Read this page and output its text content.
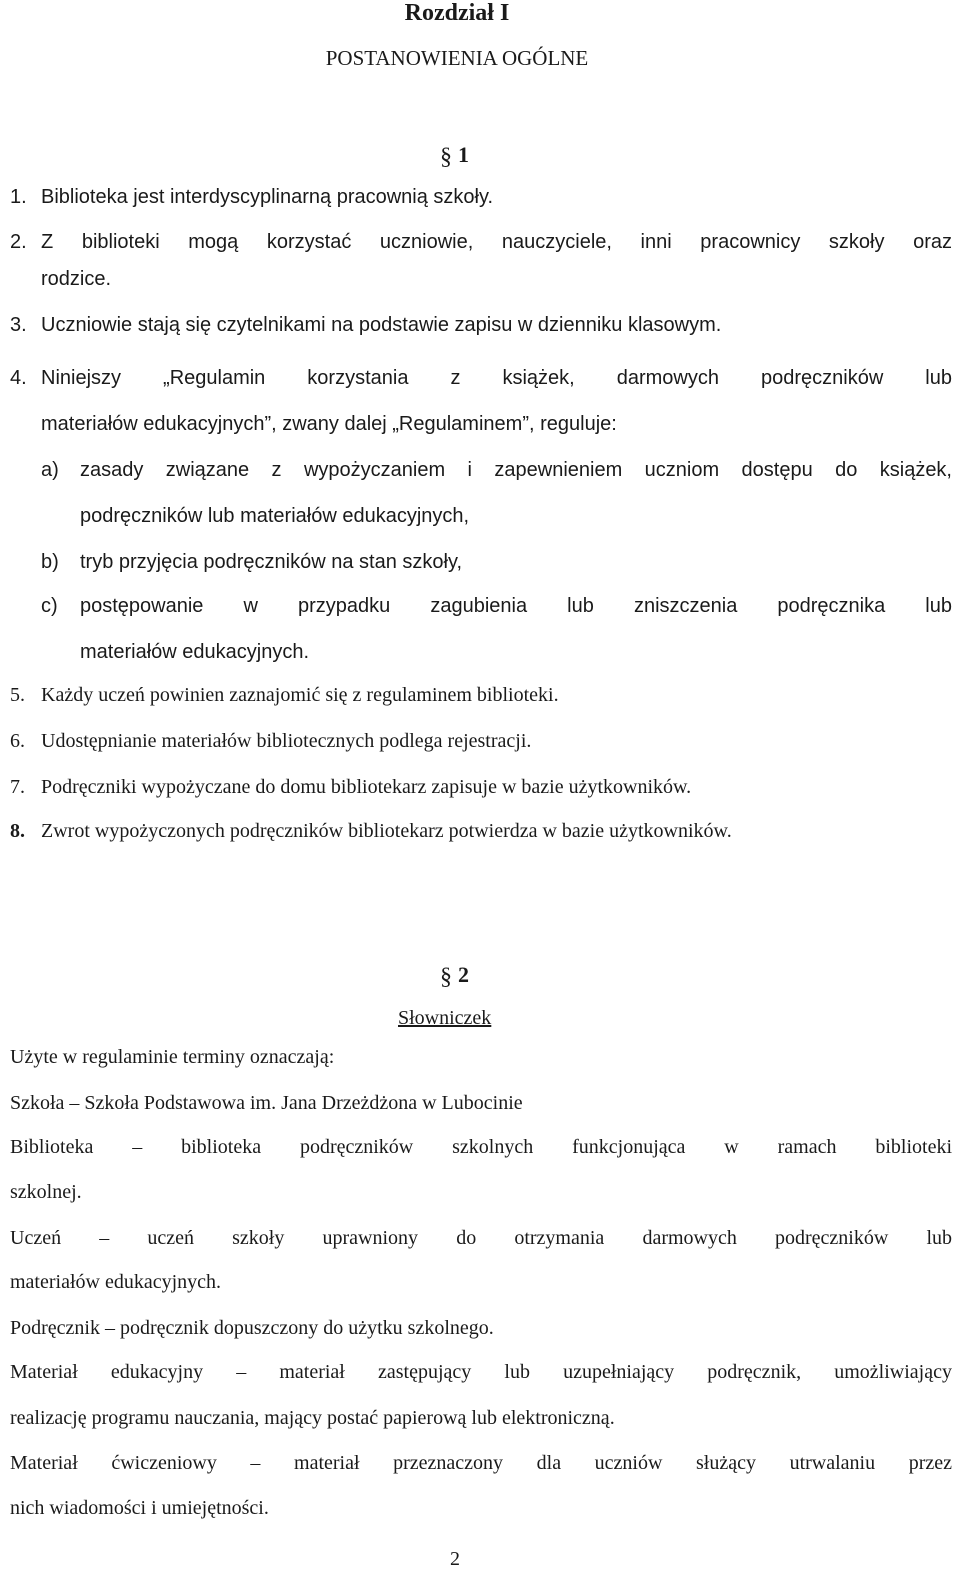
Rozdział I
POSTANOWIENIA OGÓLNE
§ 1
1. Biblioteka jest interdyscyplinarną pracownią szkoły.
2. Z biblioteki mogą korzystać uczniowie, nauczyciele, inni pracownicy szkoły oraz
rodzice.
3. Uczniowie stają się czytelnikami na podstawie zapisu w dzienniku klasowym.
4. Niniejszy „Regulamin korzystania z książek, darmowych podręczników lub
materiałów edukacyjnych”, zwany dalej „Regulaminem”, reguluje:
a) zasady związane z wypożyczaniem i zapewnieniem uczniom dostępu do książek,
podręczników lub materiałów edukacyjnych,
b) tryb przyjęcia podręczników na stan szkoły,
c) postępowanie w przypadku zagubienia lub zniszczenia podręcznika lub
materiałów edukacyjnych.
5. Każdy uczeń powinien zaznajomić się z regulaminem biblioteki.
6. Udostępnianie materiałów bibliotecznych podlega rejestracji.
7. Podręczniki wypożyczane do domu bibliotekarz zapisuje w bazie użytkowników.
8. Zwrot wypożyczonych podręczników bibliotekarz potwierdza w bazie użytkowników.
§ 2
Słowniczek
Użyte w regulaminie terminy oznaczają:
Szkoła – Szkoła Podstawowa im. Jana Drzeżdżona w Lubocinie
Biblioteka – biblioteka podręczników szkolnych funkcjonująca w ramach biblioteki
szkolnej.
Uczeń – uczeń szkoły uprawniony do otrzymania darmowych podręczników lub
materiałów edukacyjnych.
Podręcznik – podręcznik dopuszczony do użytku szkolnego.
Materiał edukacyjny – materiał zastępujący lub uzupełniający podręcznik, umożliwiający
realizację programu nauczania, mający postać papierową lub elektroniczną.
Materiał ćwiczeniowy – materiał przeznaczony dla uczniów służący utrwalaniu przez
nich wiadomości i umiejętności.
2
